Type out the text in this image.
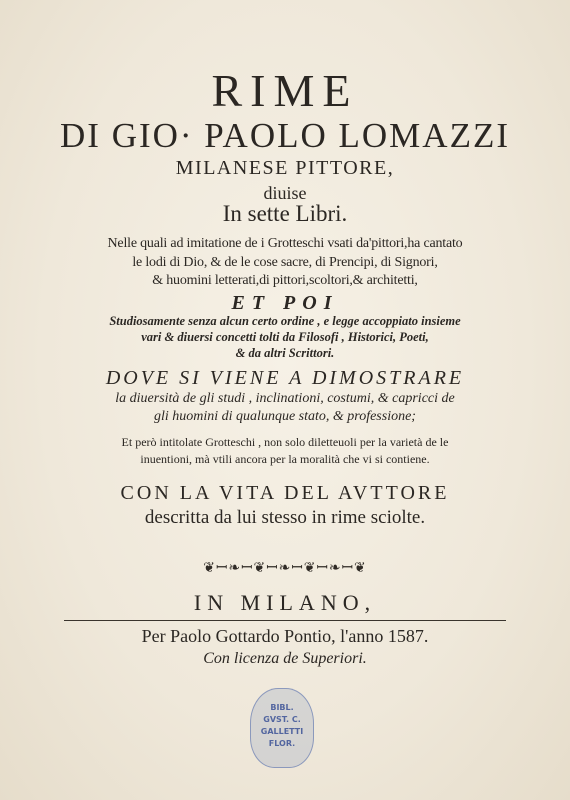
RIME
DI GIO· PAOLO LOMAZZI
MILANESE PITTORE,
diuise
In sette Libri.
Nelle quali ad imitatione de i Grotteschi vsati da'pittori,ha cantato
le lodi di Dio, & de le cose sacre, di Prencipi, di Signori,
& huomini letterati,di pittori,scoltori,& architetti,
ET POI
Studiosamente senza alcun certo ordine , e legge accoppiato insieme
vari & diuersi concetti tolti da Filosofi , Historici, Poeti,
& da altri Scrittori.
DOVE SI VIENE A DIMOSTRARE
la diuersità de gli studi , inclinationi, costumi, & capricci de
gli huomini di qualunque stato, & professione;
Et però intitolate Grotteschi , non solo diletteuoli per la varietà de le
inuentioni, mà vtili ancora per la moralità che vi si contiene.
CON LA VITA DEL AVTTORE
descritta da lui stesso in rime sciolte.
❦ꟷ❧ꟷ❦ꟷ❧ꟷ❦ꟷ❧ꟷ❦
IN MILANO,
Per Paolo Gottardo Pontio, l'anno 1587.
Con licenza de Superiori.
BIBL.
GVST. C.
GALLETTI
FLOR.
